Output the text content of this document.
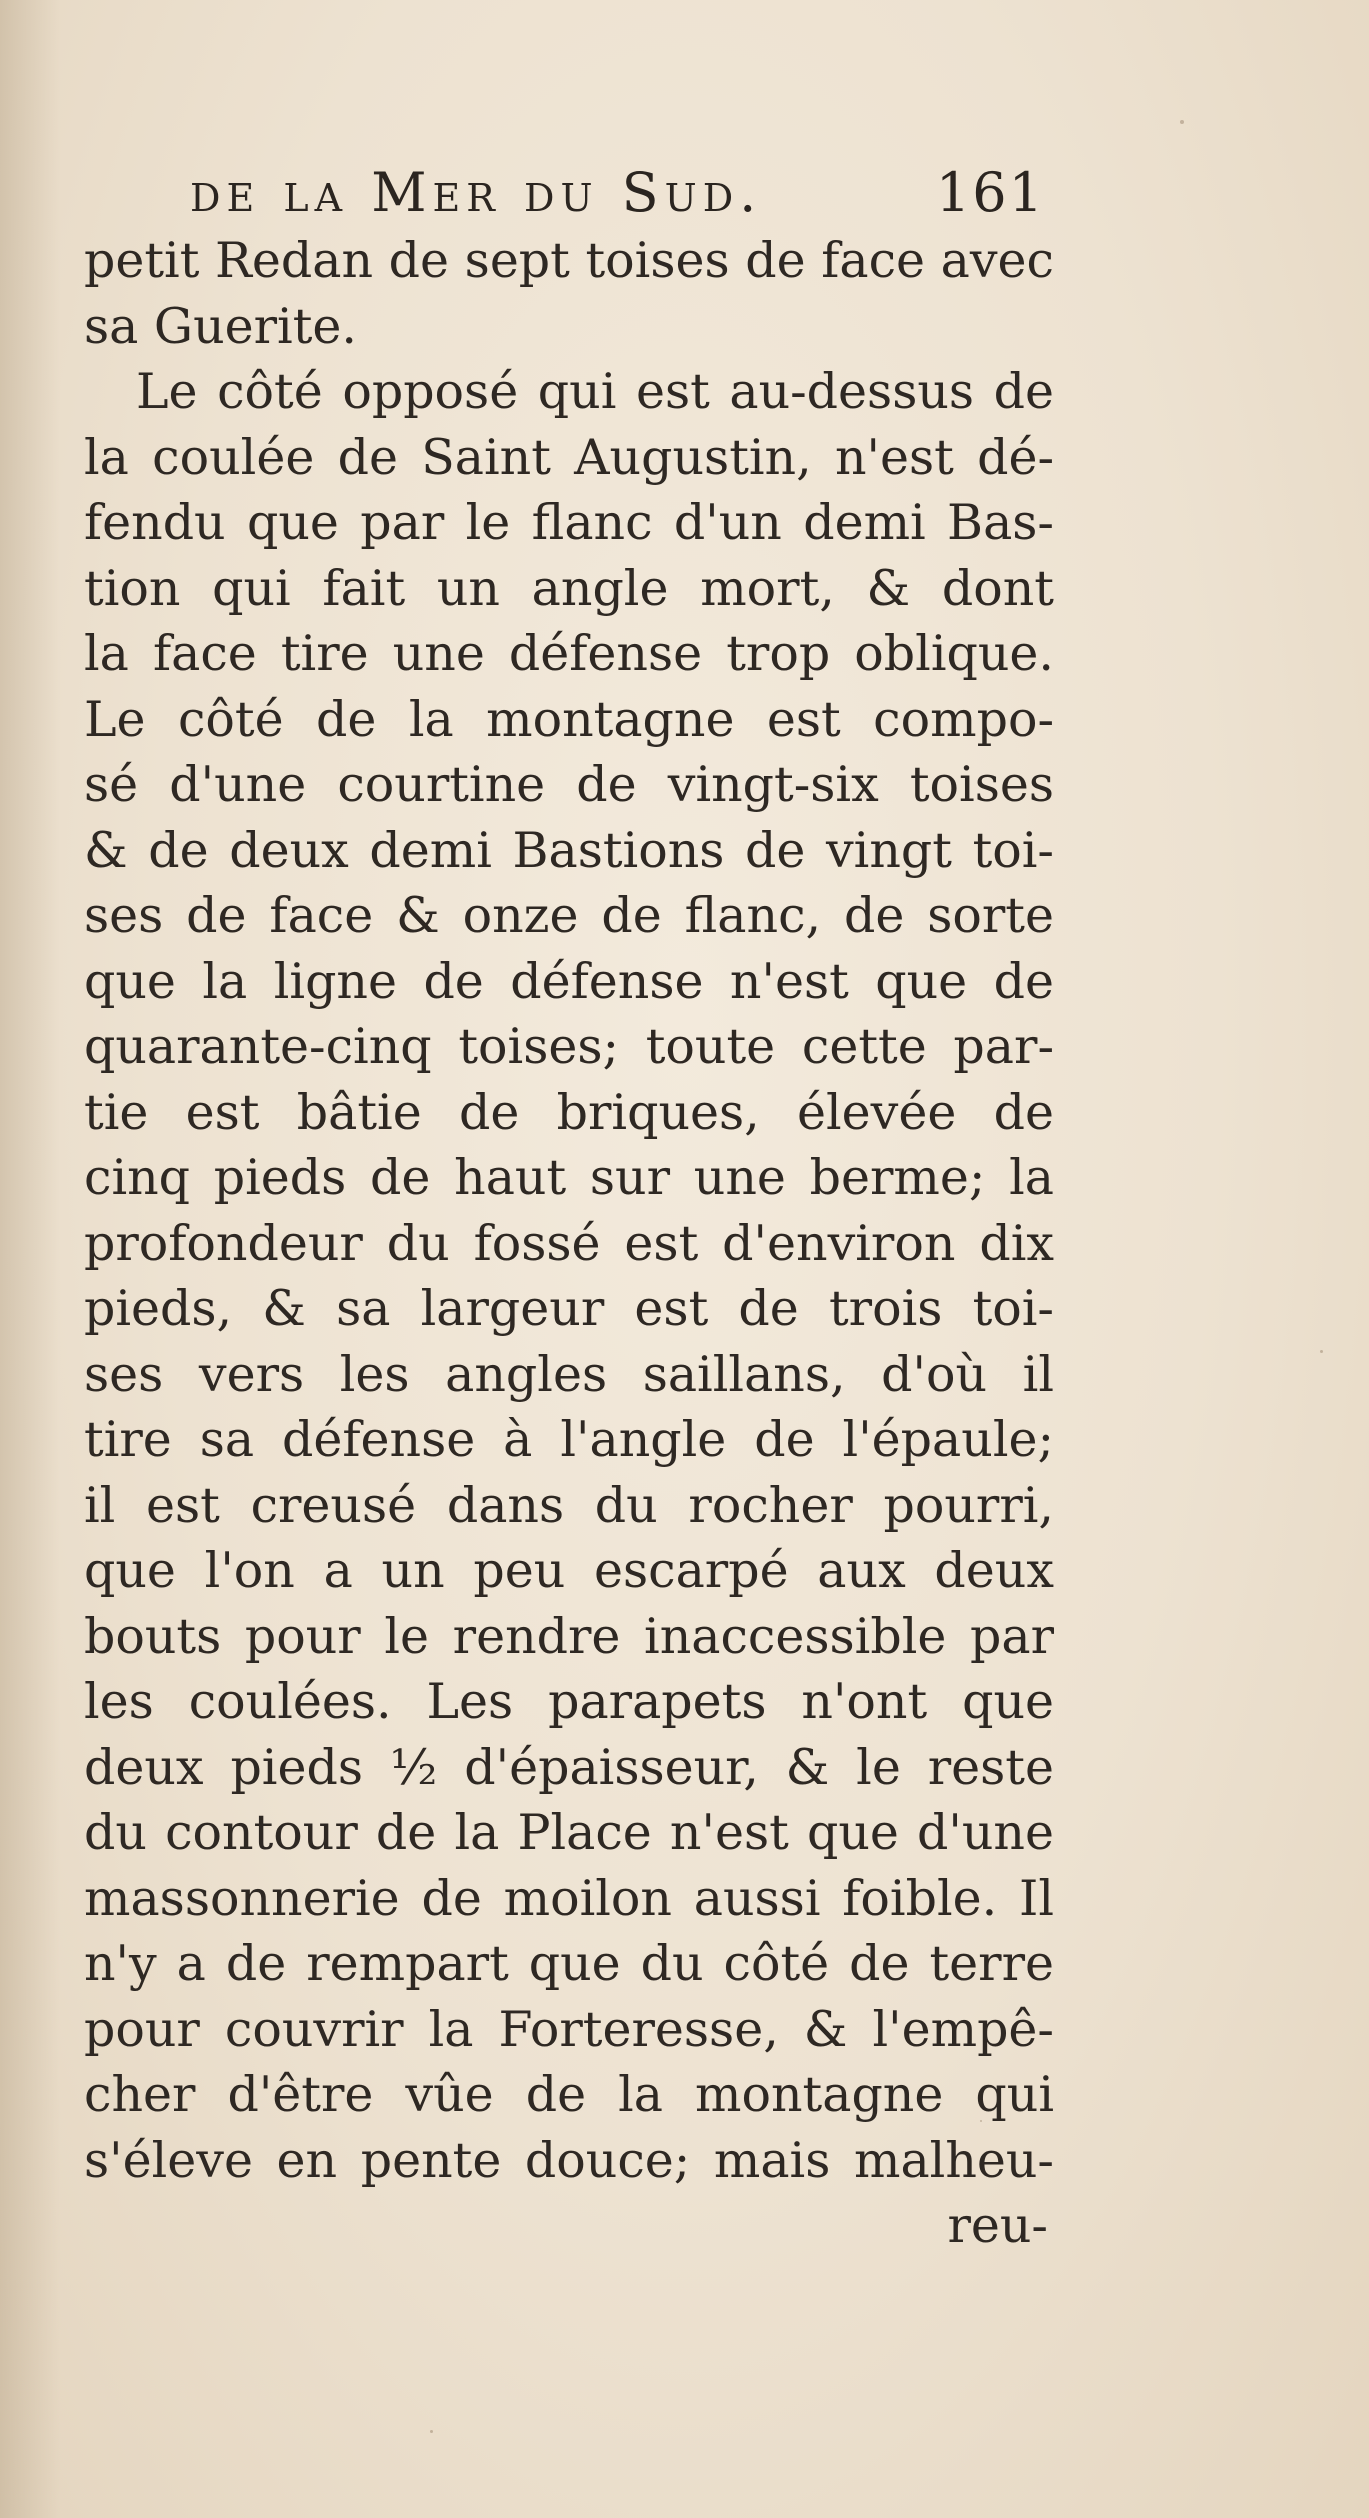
de la Mer du Sud.	161
petit Redan de sept toises de face avec
sa Guerite.
Le côté opposé qui est au-dessus de
la coulée de Saint Augustin, n'est dé-
fendu que par le flanc d'un demi Bas-
tion qui fait un angle mort, & dont
la face tire une défense trop oblique.
Le côté de la montagne est compo-
sé d'une courtine de vingt-six toises
& de deux demi Bastions de vingt toi-
ses de face & onze de flanc, de sorte
que la ligne de défense n'est que de
quarante-cinq toises; toute cette par-
tie est bâtie de briques, élevée de
cinq pieds de haut sur une berme; la
profondeur du fossé est d'environ dix
pieds, & sa largeur est de trois toi-
ses vers les angles saillans, d'où il
tire sa défense à l'angle de l'épaule;
il est creusé dans du rocher pourri,
que l'on a un peu escarpé aux deux
bouts pour le rendre inaccessible par
les coulées. Les parapets n'ont que
deux pieds ½ d'épaisseur, & le reste
du contour de la Place n'est que d'une
massonnerie de moilon aussi foible. Il
n'y a de rempart que du côté de terre
pour couvrir la Forteresse, & l'empê-
cher d'être vûe de la montagne qui
s'éleve en pente douce; mais malheu-
reu-
